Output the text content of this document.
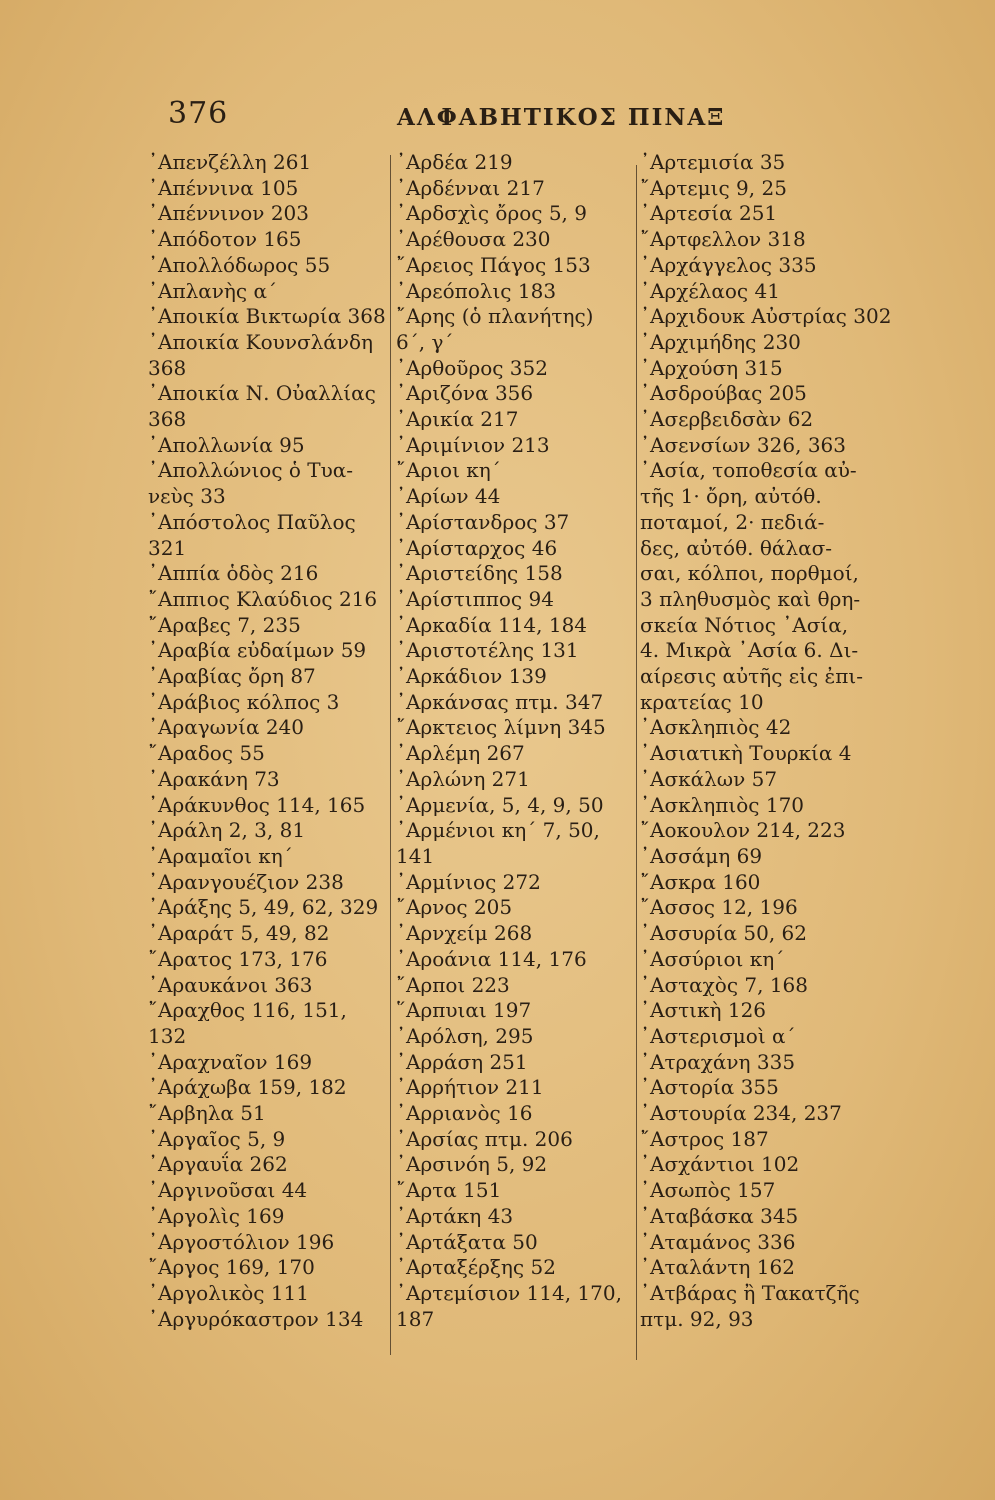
376	ΑΛΦΑΒΗΤΙΚΟΣ ΠΙΝΑΞ
᾿Απενζέλλη 261
᾿Απέννινα 105
᾿Απέννινον 203
᾿Απόδοτον 165
᾿Απολλόδωρος 55
᾿Απλανὴς α´
᾿Αποικία Βικτωρία 368
᾿Αποικία Κουνσλάνδη
368
᾿Αποικία Ν. Οὐαλλίας
368
᾿Απολλωνία 95
᾿Απολλώνιος ὁ Τυα-
νεὺς 33
᾿Απόστολος Παῦλος
321
᾿Αππία ὁδὸς 216
῎Αππιος Κλαύδιος 216
῎Αραβες 7, 235
᾿Αραβία εὐδαίμων 59
᾿Αραβίας ὄρη 87
᾿Αράβιος κόλπος 3
᾿Αραγωνία 240
῎Αραδος 55
᾿Αρακάνη 73
᾿Αράκυνθος 114, 165
᾿Αράλη 2, 3, 81
᾿Αραμαῖοι κη´
᾿Αρανγουέζιον 238
᾿Αράξης 5, 49, 62, 329
᾿Αραράτ 5, 49, 82
῎Αρατος 173, 176
᾿Αραυκάνοι 363
῎Αραχθος 116, 151,
132
᾿Αραχναῖον 169
᾿Αράχωβα 159, 182
῎Αρβηλα 51
᾿Αργαῖος 5, 9
᾿Αργαυΐα 262
᾿Αργινοῦσαι 44
᾿Αργολὶς 169
᾿Αργοστόλιον 196
῎Αργος 169, 170
᾿Αργολικὸς 111
᾿Αργυρόκαστρον 134
᾿Αρδέα 219
᾿Αρδένναι 217
᾿Αρδσχὶς ὄρος 5, 9
᾿Αρέθουσα 230
῎Αρειος Πάγος 153
᾿Αρεόπολις 183
῎Αρης (ὁ πλανήτης)
6´, γ´
᾿Αρθοῦρος 352
᾿Αριζόνα 356
᾿Αρικία 217
᾿Αριμίνιον 213
῎Αριοι κη´
᾿Αρίων 44
᾿Αρίστανδρος 37
᾿Αρίσταρχος 46
᾿Αριστείδης 158
᾿Αρίστιππος 94
᾿Αρκαδία 114, 184
᾿Αριστοτέλης 131
᾿Αρκάδιον 139
᾿Αρκάνσας πτμ. 347
῎Αρκτειος λίμνη 345
᾿Αρλέμη 267
᾿Αρλώνη 271
᾿Αρμενία, 5, 4, 9, 50
᾿Αρμένιοι κη´ 7, 50,
141
᾿Αρμίνιος 272
῎Αρνος 205
᾿Αρνχείμ 268
᾿Αροάνια 114, 176
῎Αρποι 223
῞Αρπυιαι 197
᾿Αρόλση, 295
᾿Αρράση 251
᾿Αρρήτιον 211
᾿Αρριανὸς 16
᾿Αρσίας πτμ. 206
᾿Αρσινόη 5, 92
῎Αρτα 151
᾿Αρτάκη 43
᾿Αρτάξατα 50
᾿Αρταξέρξης 52
᾿Αρτεμίσιον 114, 170,
187
᾿Αρτεμισία 35
῎Αρτεμις 9, 25
᾿Αρτεσία 251
῎Αρτφελλον 318
᾿Αρχάγγελος 335
᾿Αρχέλαος 41
᾿Αρχιδουκ Αὐστρίας 302
᾿Αρχιμήδης 230
᾿Αρχούση 315
᾿Ασδρούβας 205
᾿Ασερβειδσὰν 62
᾿Ασενσίων 326, 363
᾿Ασία, τοποθεσία αὐ-
τῆς 1· ὄρη, αὐτόθ.
ποταμοί, 2· πεδιά-
δες, αὐτόθ. θάλασ-
σαι, κόλποι, πορθμοί,
3 πληθυσμὸς καὶ θρη-
σκεία Νότιος ᾿Ασία,
4. Μικρὰ ᾿Ασία 6. Δι-
αίρεσις αὐτῆς εἰς ἐπι-
κρατείας 10
᾿Ασκληπιὸς 42
᾿Ασιατικὴ Τουρκία 4
᾿Ασκάλων 57
᾿Ασκληπιὸς 170
῎Αοκουλον 214, 223
᾿Ασσάμη 69
῎Ασκρα 160
῎Ασσος 12, 196
᾿Ασσυρία 50, 62
᾿Ασσύριοι κη´
᾿Ασταχὸς 7, 168
᾿Αστικὴ 126
᾿Αστερισμοὶ α´
᾿Ατραχάνη 335
᾿Αστορία 355
᾿Αστουρία 234, 237
῎Αστρος 187
᾿Ασχάντιοι 102
᾿Ασωπὸς 157
᾿Αταβάσκα 345
᾿Αταμάνος 336
᾿Αταλάντη 162
᾿Ατβάρας ἢ Τακατζῆς
πτμ. 92, 93
